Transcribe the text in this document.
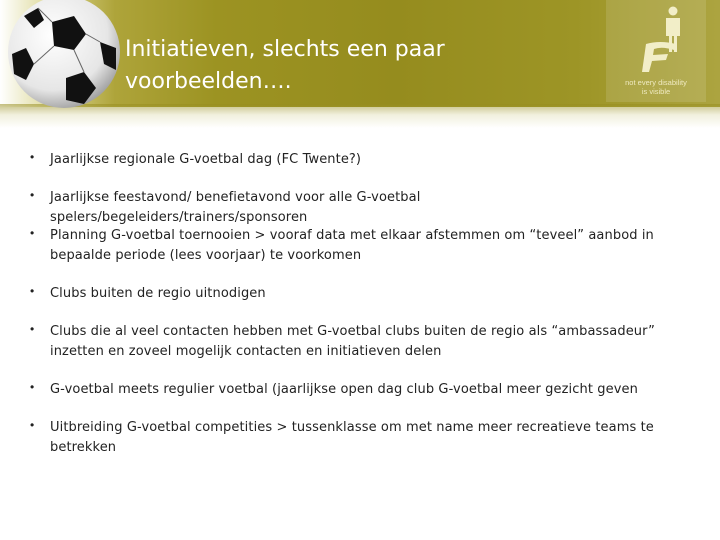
Initiatieven, slechts een paar
voorbeelden….	not every disability
is visible
• Jaarlijkse regionale G-voetbal dag (FC Twente?)
• Jaarlijkse feestavond/ benefietavond voor alle G-voetbal spelers/begeleiders/trainers/sponsoren
• Planning G-voetbal toernooien > vooraf data met elkaar afstemmen om “teveel” aanbod in bepaalde periode (lees voorjaar) te voorkomen
• Clubs buiten de regio uitnodigen
• Clubs die al veel contacten hebben met G-voetbal clubs buiten de regio als “ambassadeur” inzetten en zoveel mogelijk contacten en initiatieven delen
• G-voetbal meets regulier voetbal (jaarlijkse open dag club G-voetbal meer gezicht geven
• Uitbreiding G-voetbal competities > tussenklasse om met name meer recreatieve teams te betrekken
